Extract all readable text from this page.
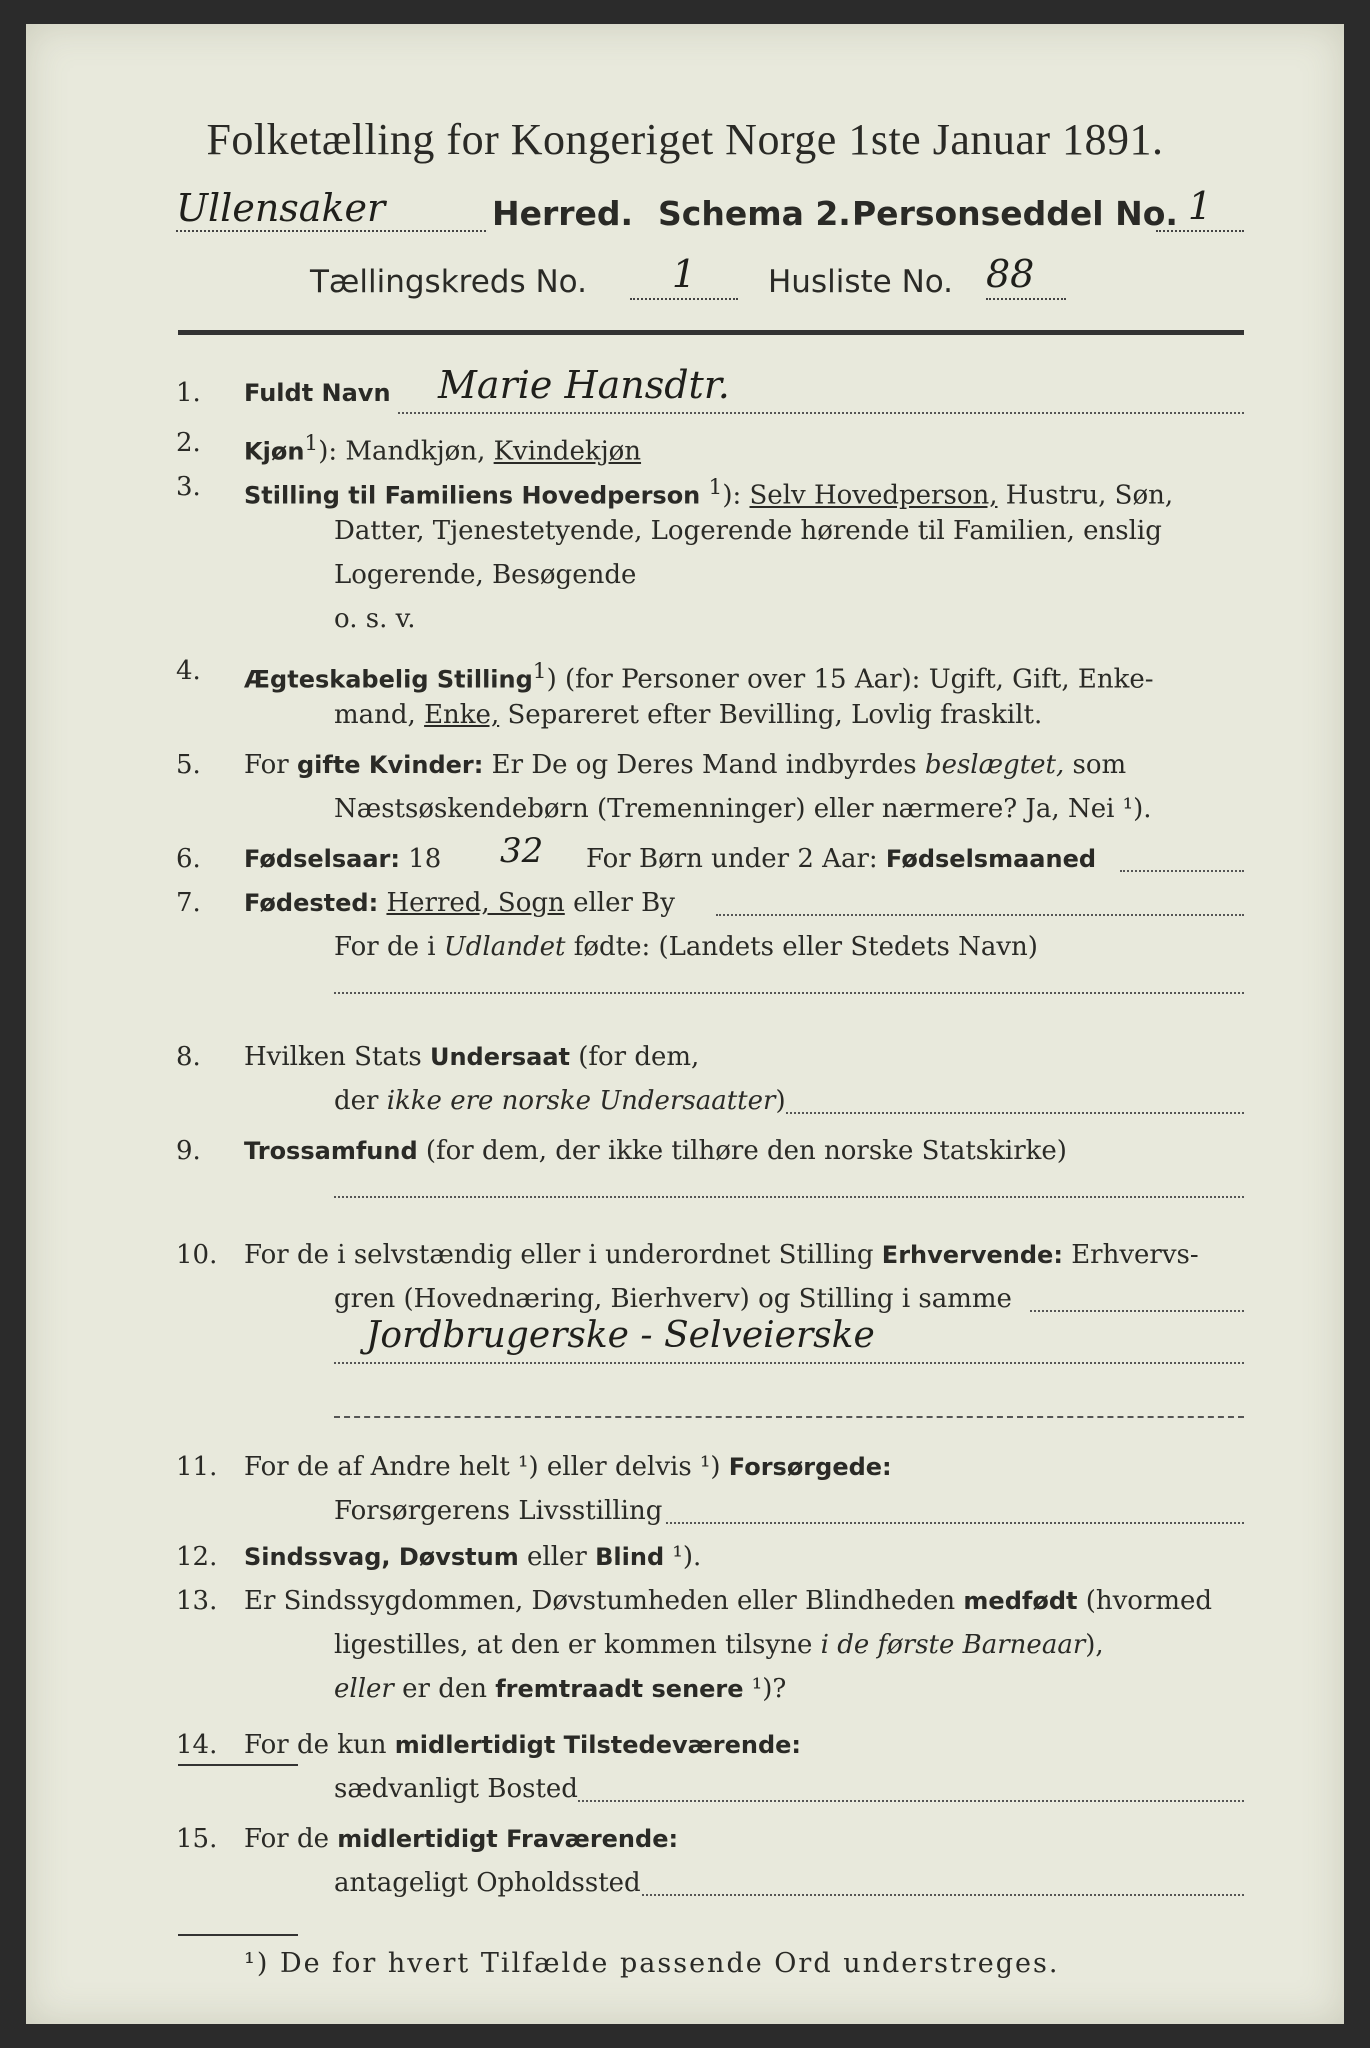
Folketælling for Kongeriget Norge 1ste Januar 1891.
Ullensaker	Herred. Schema 2. Personseddel No. 1
Tællingskreds No.	1	Husliste No. 88
1.	Fuldt Navn Marie Hansdtr.
2.	Kjøn$^1$): Mandkjøn, Kvindekjøn
3.	Stilling til Familiens Hovedperson $^1$): Selv Hovedperson, Hustru, Søn,
Datter, Tjenestetyende, Logerende hørende til Familien, enslig
Logerende, Besøgende
o. s. v.
4.	Ægteskabelig Stilling$^1$) (for Personer over 15 Aar): Ugift, Gift, Enke-
mand, Enke, Separeret efter Bevilling, Lovlig fraskilt.
5.	For gifte Kvinder: Er De og Deres Mand indbyrdes beslægtet, som
Næstsøskendebørn (Tremenninger) eller nærmere? Ja, Nei ¹).
6.	Fødselsaar: 18 32 For Børn under 2 Aar: Fødselsmaaned
7.	Fødested: Herred, Sogn eller By
For de i Udlandet fødte: (Landets eller Stedets Navn)
8.	Hvilken Stats Undersaat (for dem,
der ikke ere norske Undersaatter)
9.	Trossamfund (for dem, der ikke tilhøre den norske Statskirke)
10.	For de i selvstændig eller i underordnet Stilling Erhvervende: Erhvervs-
gren (Hovednæring, Bierhverv) og Stilling i samme
Jordbrugerske - Selveierske
11.	For de af Andre helt ¹) eller delvis ¹) Forsørgede:
Forsørgerens Livsstilling
12.	Sindssvag, Døvstum eller Blind ¹).
13.	Er Sindssygdommen, Døvstumheden eller Blindheden medfødt (hvormed
ligestilles, at den er kommen tilsyne i de første Barneaar),
eller er den fremtraadt senere ¹)?
14.	For de kun midlertidigt Tilstedeværende:
sædvanligt Bosted
15.	For de midlertidigt Fraværende:
antageligt Opholdssted
¹) De for hvert Tilfælde passende Ord understreges.
